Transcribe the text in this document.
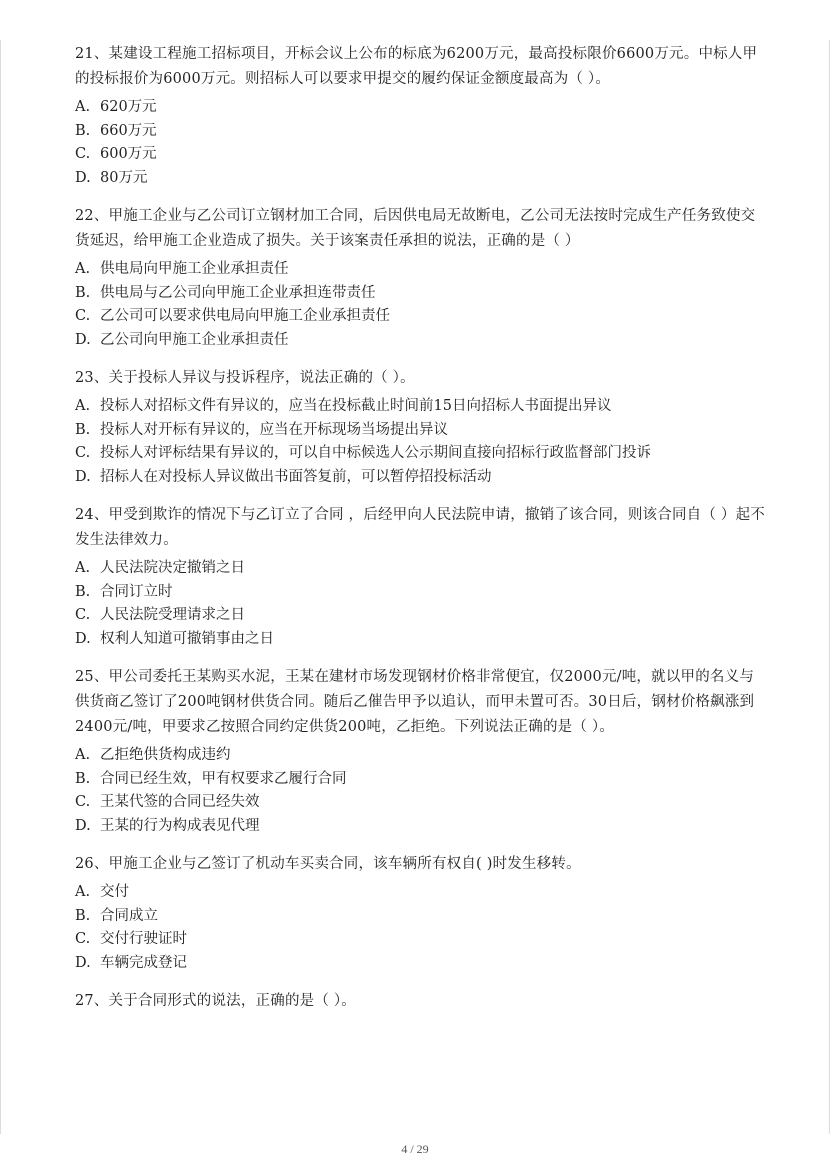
21、某建设工程施工招标项目，开标会议上公布的标底为6200万元，最高投标限价6600万元。中标人甲的投标报价为6000万元。则招标人可以要求甲提交的履约保证金额度最高为（ ）。

A. 620万元
B. 660万元
C. 600万元
D. 80万元

22、甲施工企业与乙公司订立钢材加工合同，后因供电局无故断电，乙公司无法按时完成生产任务致使交货延迟，给甲施工企业造成了损失。关于该案责任承担的说法，正确的是（ ）

A. 供电局向甲施工企业承担责任
B. 供电局与乙公司向甲施工企业承担连带责任
C. 乙公司可以要求供电局向甲施工企业承担责任
D. 乙公司向甲施工企业承担责任

23、关于投标人异议与投诉程序，说法正确的（ ）。

A. 投标人对招标文件有异议的，应当在投标截止时间前15日向招标人书面提出异议
B. 投标人对开标有异议的，应当在开标现场当场提出异议
C. 投标人对评标结果有异议的，可以自中标候选人公示期间直接向招标行政监督部门投诉
D. 招标人在对投标人异议做出书面答复前，可以暂停招投标活动

24、甲受到欺诈的情况下与乙订立了合同 ，后经甲向人民法院申请，撤销了该合同，则该合同自（ ）起不发生法律效力。

A. 人民法院决定撤销之日
B. 合同订立时
C. 人民法院受理请求之日
D. 权利人知道可撤销事由之日

25、甲公司委托王某购买水泥，王某在建材市场发现钢材价格非常便宜，仅2000元/吨，就以甲的名义与供货商乙签订了200吨钢材供货合同。随后乙催告甲予以追认，而甲未置可否。30日后，钢材价格飙涨到2400元/吨，甲要求乙按照合同约定供货200吨，乙拒绝。下列说法正确的是（ ）。

A. 乙拒绝供货构成违约
B. 合同已经生效，甲有权要求乙履行合同
C. 王某代签的合同已经失效
D. 王某的行为构成表见代理

26、甲施工企业与乙签订了机动车买卖合同，该车辆所有权自( )时发生移转。

A. 交付
B. 合同成立
C. 交付行驶证时
D. 车辆完成登记

27、关于合同形式的说法，正确的是（ ）。

4 / 29
